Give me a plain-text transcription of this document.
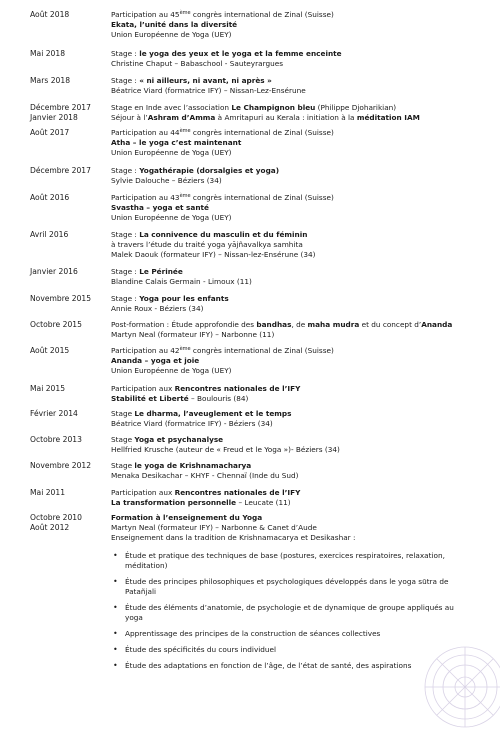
Août 2018	Participation au 45ème congrès international de Zinal (Suisse)
Ekata, l’unité dans la diversité
Union Européenne de Yoga (UEY)
Mai 2018	Stage : le yoga des yeux et le yoga et la femme enceinte
Christine Chaput – Babaschool - Sauteyrargues
Mars 2018	Stage : « ni ailleurs, ni avant, ni après »
Béatrice Viard (formatrice IFY) – Nissan-Lez-Ensérune
Décembre 2017
Janvier 2018
Stage en Inde avec l’association Le Champignon bleu (Philippe Djoharikian)
Séjour à l’Ashram d’Amma à Amritapuri au Kerala : initiation à la méditation IAM
Août 2017	Participation au 44ème congrès international de Zinal (Suisse)
Atha – le yoga c’est maintenant
Union Européenne de Yoga (UEY)
Décembre 2017	Stage : Yogathérapie (dorsalgies et yoga)
Sylvie Dalouche – Béziers (34)
Août 2016	Participation au 43ème congrès international de Zinal (Suisse)
Svastha – yoga et santé
Union Européenne de Yoga (UEY)
Avril 2016	Stage : La connivence du masculin et du féminin
à travers l’étude du traité yoga yājñavalkya samhita
Malek Daouk (formateur IFY) – Nissan-lez-Ensérune (34)
Janvier 2016	Stage : Le Périnée
Blandine Calais Germain - Limoux (11)
Novembre 2015	Stage : Yoga pour les enfants
Annie Roux - Béziers (34)
Octobre 2015	Post-formation : Étude approfondie des bandhas, de maha mudra et du concept d’Ananda
Martyn Neal (formateur IFY) – Narbonne (11)
Août 2015	Participation au 42ème congrès international de Zinal (Suisse)
Ananda – yoga et joie
Union Européenne de Yoga (UEY)
Mai 2015	Participation aux Rencontres nationales de l’IFY
Stabilité et Liberté – Boulouris (84)
Février 2014	Stage Le dharma, l’aveuglement et le temps
Béatrice Viard (formatrice IFY) - Béziers (34)
Octobre 2013	Stage Yoga et psychanalyse
Hellfried Krusche (auteur de « Freud et le Yoga »)- Béziers (34)
Novembre 2012	Stage le yoga de Krishnamacharya
Menaka Desikachar – KHYF - Chennaï (Inde du Sud)
Mai 2011	Participation aux Rencontres nationales de l’IFY
La transformation personnelle – Leucate (11)
Octobre 2010
Août 2012
Formation à l’enseignement du Yoga
Martyn Neal (formateur IFY) – Narbonne & Canet d’Aude
Enseignement dans la tradition de Krishnamacarya et Desikashar :
• Étude et pratique des techniques de base (postures, exercices respiratoires, relaxation, méditation)
• Étude des principes philosophiques et psychologiques développés dans le yoga sūtra de Patañjali
• Étude des éléments d’anatomie, de psychologie et de dynamique de groupe appliqués au yoga
• Apprentissage des principes de la construction de séances collectives
• Étude des spécificités du cours individuel
• Étude des adaptations en fonction de l’âge, de l’état de santé, des aspirations
